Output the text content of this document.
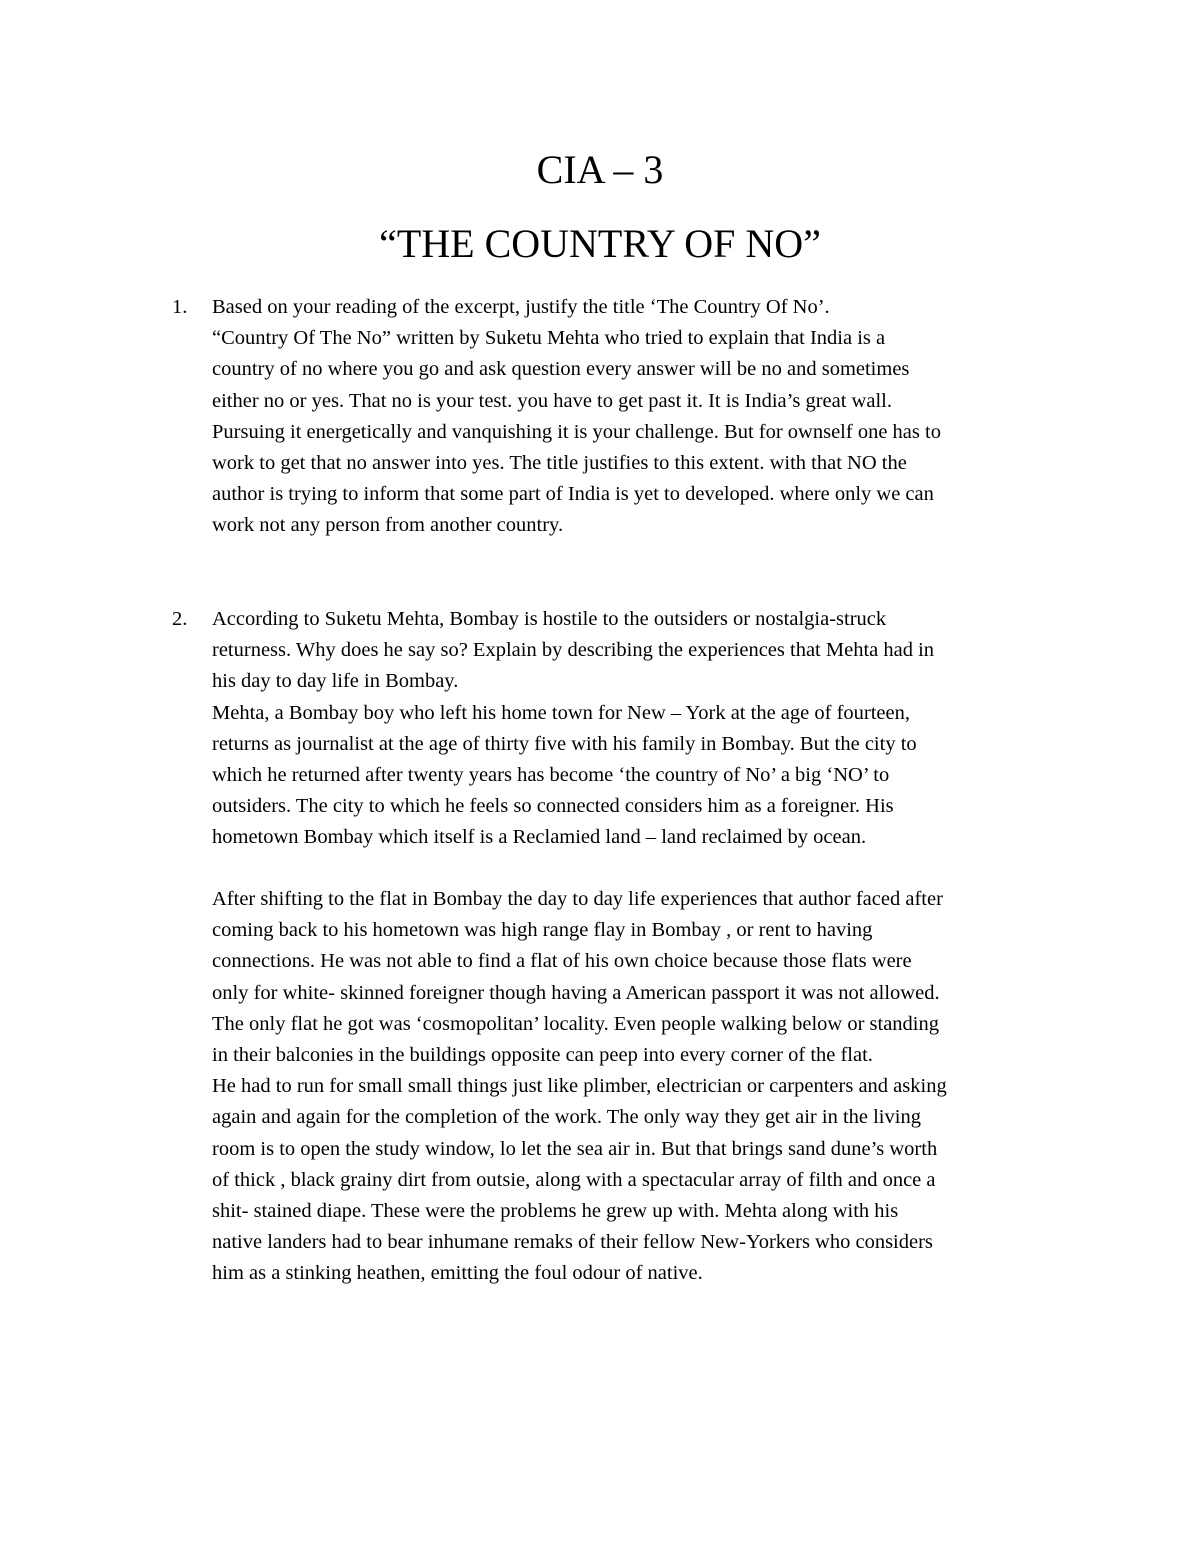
CIA – 3
“THE COUNTRY OF NO”
1.	Based on your reading of the excerpt, justify the title ‘The Country Of No’.
“Country Of The No” written by Suketu Mehta who tried to explain that India is a
country of no where you go and ask question every answer will be no and sometimes
either no or yes. That no is your test. you have to get past it. It is India’s great wall.
Pursuing it energetically and vanquishing it is your challenge. But for ownself one has to
work to get that no answer into yes. The title justifies to this extent. with that NO the
author is trying to inform that some part of India is yet to developed. where only we can
work not any person from another country.
2.	According to Suketu Mehta, Bombay is hostile to the outsiders or nostalgia-struck
returness. Why does he say so? Explain by describing the experiences that Mehta had in
his day to day life in Bombay.
Mehta, a Bombay boy who left his home town for New – York at the age of fourteen,
returns as journalist at the age of thirty five with his family in Bombay. But the city to
which he returned after twenty years has become ‘the country of No’ a big ‘NO’ to
outsiders. The city to which he feels so connected considers him as a foreigner. His
hometown Bombay which itself is a Reclamied land – land reclaimed by ocean.
After shifting to the flat in Bombay the day to day life experiences that author faced after
coming back to his hometown was high range flay in Bombay , or rent to having
connections. He was not able to find a flat of his own choice because those flats were
only for white- skinned foreigner though having a American passport it was not allowed.
The only flat he got was ‘cosmopolitan’ locality. Even people walking below or standing
in their balconies in the buildings opposite can peep into every corner of the flat.
He had to run for small small things just like plimber, electrician or carpenters and asking
again and again for the completion of the work. The only way they get air in the living
room is to open the study window, lo let the sea air in. But that brings sand dune’s worth
of thick , black grainy dirt from outsie, along with a spectacular array of filth and once a
shit- stained diape. These were the problems he grew up with. Mehta along with his
native landers had to bear inhumane remaks of their fellow New-Yorkers who considers
him as a stinking heathen, emitting the foul odour of native.
